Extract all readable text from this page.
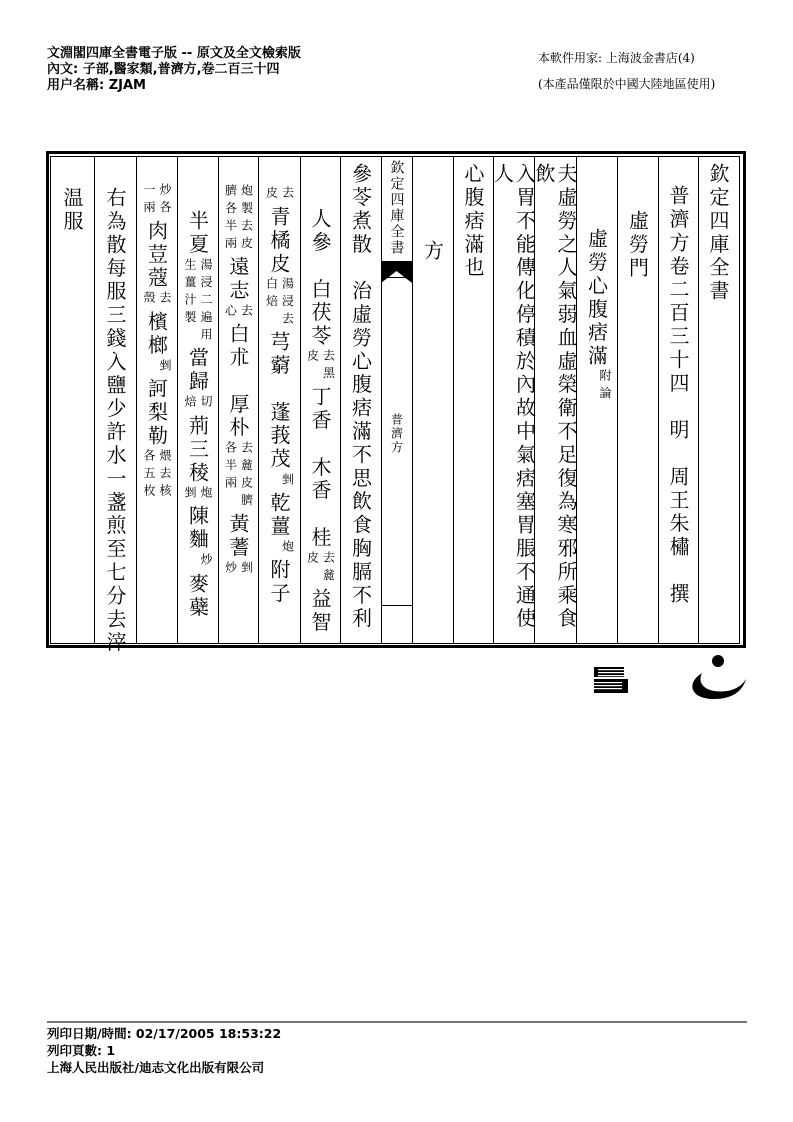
文淵閣四庫全書電子版 -- 原文及全文檢索版
內文: 子部,醫家類,普濟方,卷二百三十四
用户名稱: ZJAM
本軟件用家: 上海波金書店(4)
(本產品僅限於中國大陸地區使用)
欽定四庫全書
普濟方卷二百三十四　明　周王朱橚　撰
虛勞門
虛勞心腹痞滿
附論
夫虛勞之人氣弱血虛榮衛不足復為寒邪所乘食飲
入胃不能傳化停積於內故中氣痞塞胃脹不通使人
心腹痞滿也
方
參苓煮散　治虛勞心腹痞滿不思飲食胸膈不利
人參　白茯苓
去黑
皮
丁香　木香　桂
去麄
皮
益智
去
皮
青橘皮
湯浸去
白焙
芎藭　蓬莪茂
剉
乾薑
炮
附子
炮製去皮
臍各半兩
遠志
去
心
白朮　厚朴
去麄皮臍
各半兩
黃蓍
剉
炒
半夏
湯浸二遍用
生薑汁製
當歸
切
焙
荊三稜
炮
剉
陳麯
炒
麥蘗
炒各
一兩
肉荳蔻
去
殼
檳榔
剉
訶梨勒
煨去核
各五枚
右為散每服三錢入鹽少許水一盞煎至七分去滓
温服	欽定四庫全書
普濟方
列印日期/時間: 02/17/2005 18:53:22
列印頁數: 1
上海人民出版社/迪志文化出版有限公司
